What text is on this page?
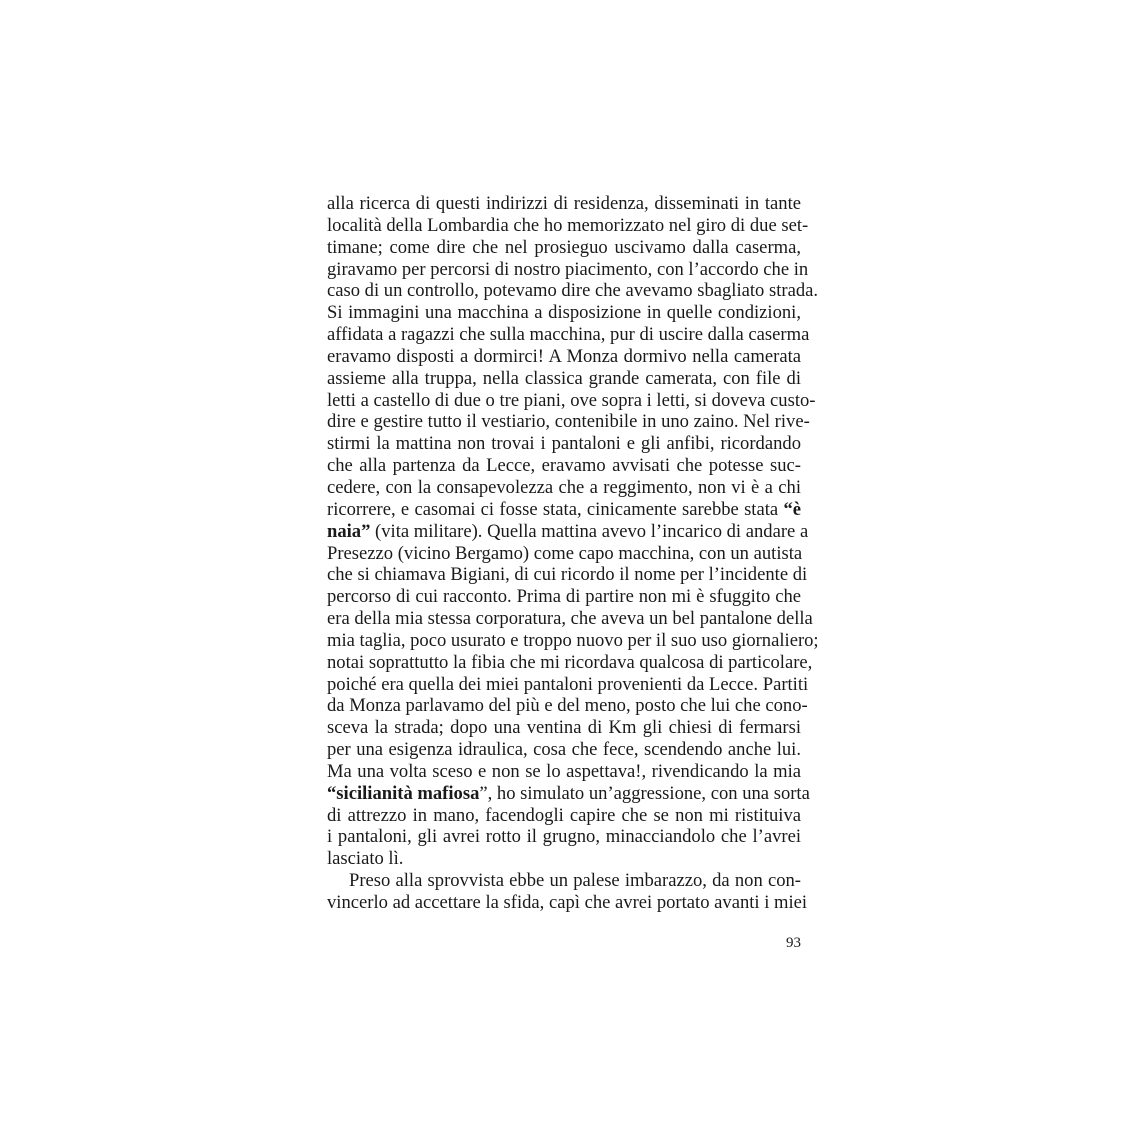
alla ricerca di questi indirizzi di residenza, disseminati in tante
località della Lombardia che ho memorizzato nel giro di due set-
timane; come dire che nel prosieguo uscivamo dalla caserma,
giravamo per percorsi di nostro piacimento, con l’accordo che in
caso di un controllo, potevamo dire che avevamo sbagliato strada.
Si immagini una macchina a disposizione in quelle condizioni,
affidata a ragazzi che sulla macchina, pur di uscire dalla caserma
eravamo disposti a dormirci! A Monza dormivo nella camerata
assieme alla truppa, nella classica grande camerata, con file di
letti a castello di due o tre piani, ove sopra i letti, si doveva custo-
dire e gestire tutto il vestiario, contenibile in uno zaino. Nel rive-
stirmi la mattina non trovai i pantaloni e gli anfibi, ricordando
che alla partenza da Lecce, eravamo avvisati che potesse suc-
cedere, con la consapevolezza che a reggimento, non vi è a chi
ricorrere, e casomai ci fosse stata, cinicamente sarebbe stata “è
naia” (vita militare). Quella mattina avevo l’incarico di andare a
Presezzo (vicino Bergamo) come capo macchina, con un autista
che si chiamava Bigiani, di cui ricordo il nome per l’incidente di
percorso di cui racconto. Prima di partire non mi è sfuggito che
era della mia stessa corporatura, che aveva un bel pantalone della
mia taglia, poco usurato e troppo nuovo per il suo uso giornaliero;
notai soprattutto la fibia che mi ricordava qualcosa di particolare,
poiché era quella dei miei pantaloni provenienti da Lecce. Partiti
da Monza parlavamo del più e del meno, posto che lui che cono-
sceva la strada; dopo una ventina di Km gli chiesi di fermarsi
per una esigenza idraulica, cosa che fece, scendendo anche lui.
Ma una volta sceso e non se lo aspettava!, rivendicando la mia
“sicilianità mafiosa”, ho simulato un’aggressione, con una sorta
di attrezzo in mano, facendogli capire che se non mi ristituiva
i pantaloni, gli avrei rotto il grugno, minacciandolo che l’avrei
lasciato lì.
Preso alla sprovvista ebbe un palese imbarazzo, da non con-
vincerlo ad accettare la sfida, capì che avrei portato avanti i miei
93
